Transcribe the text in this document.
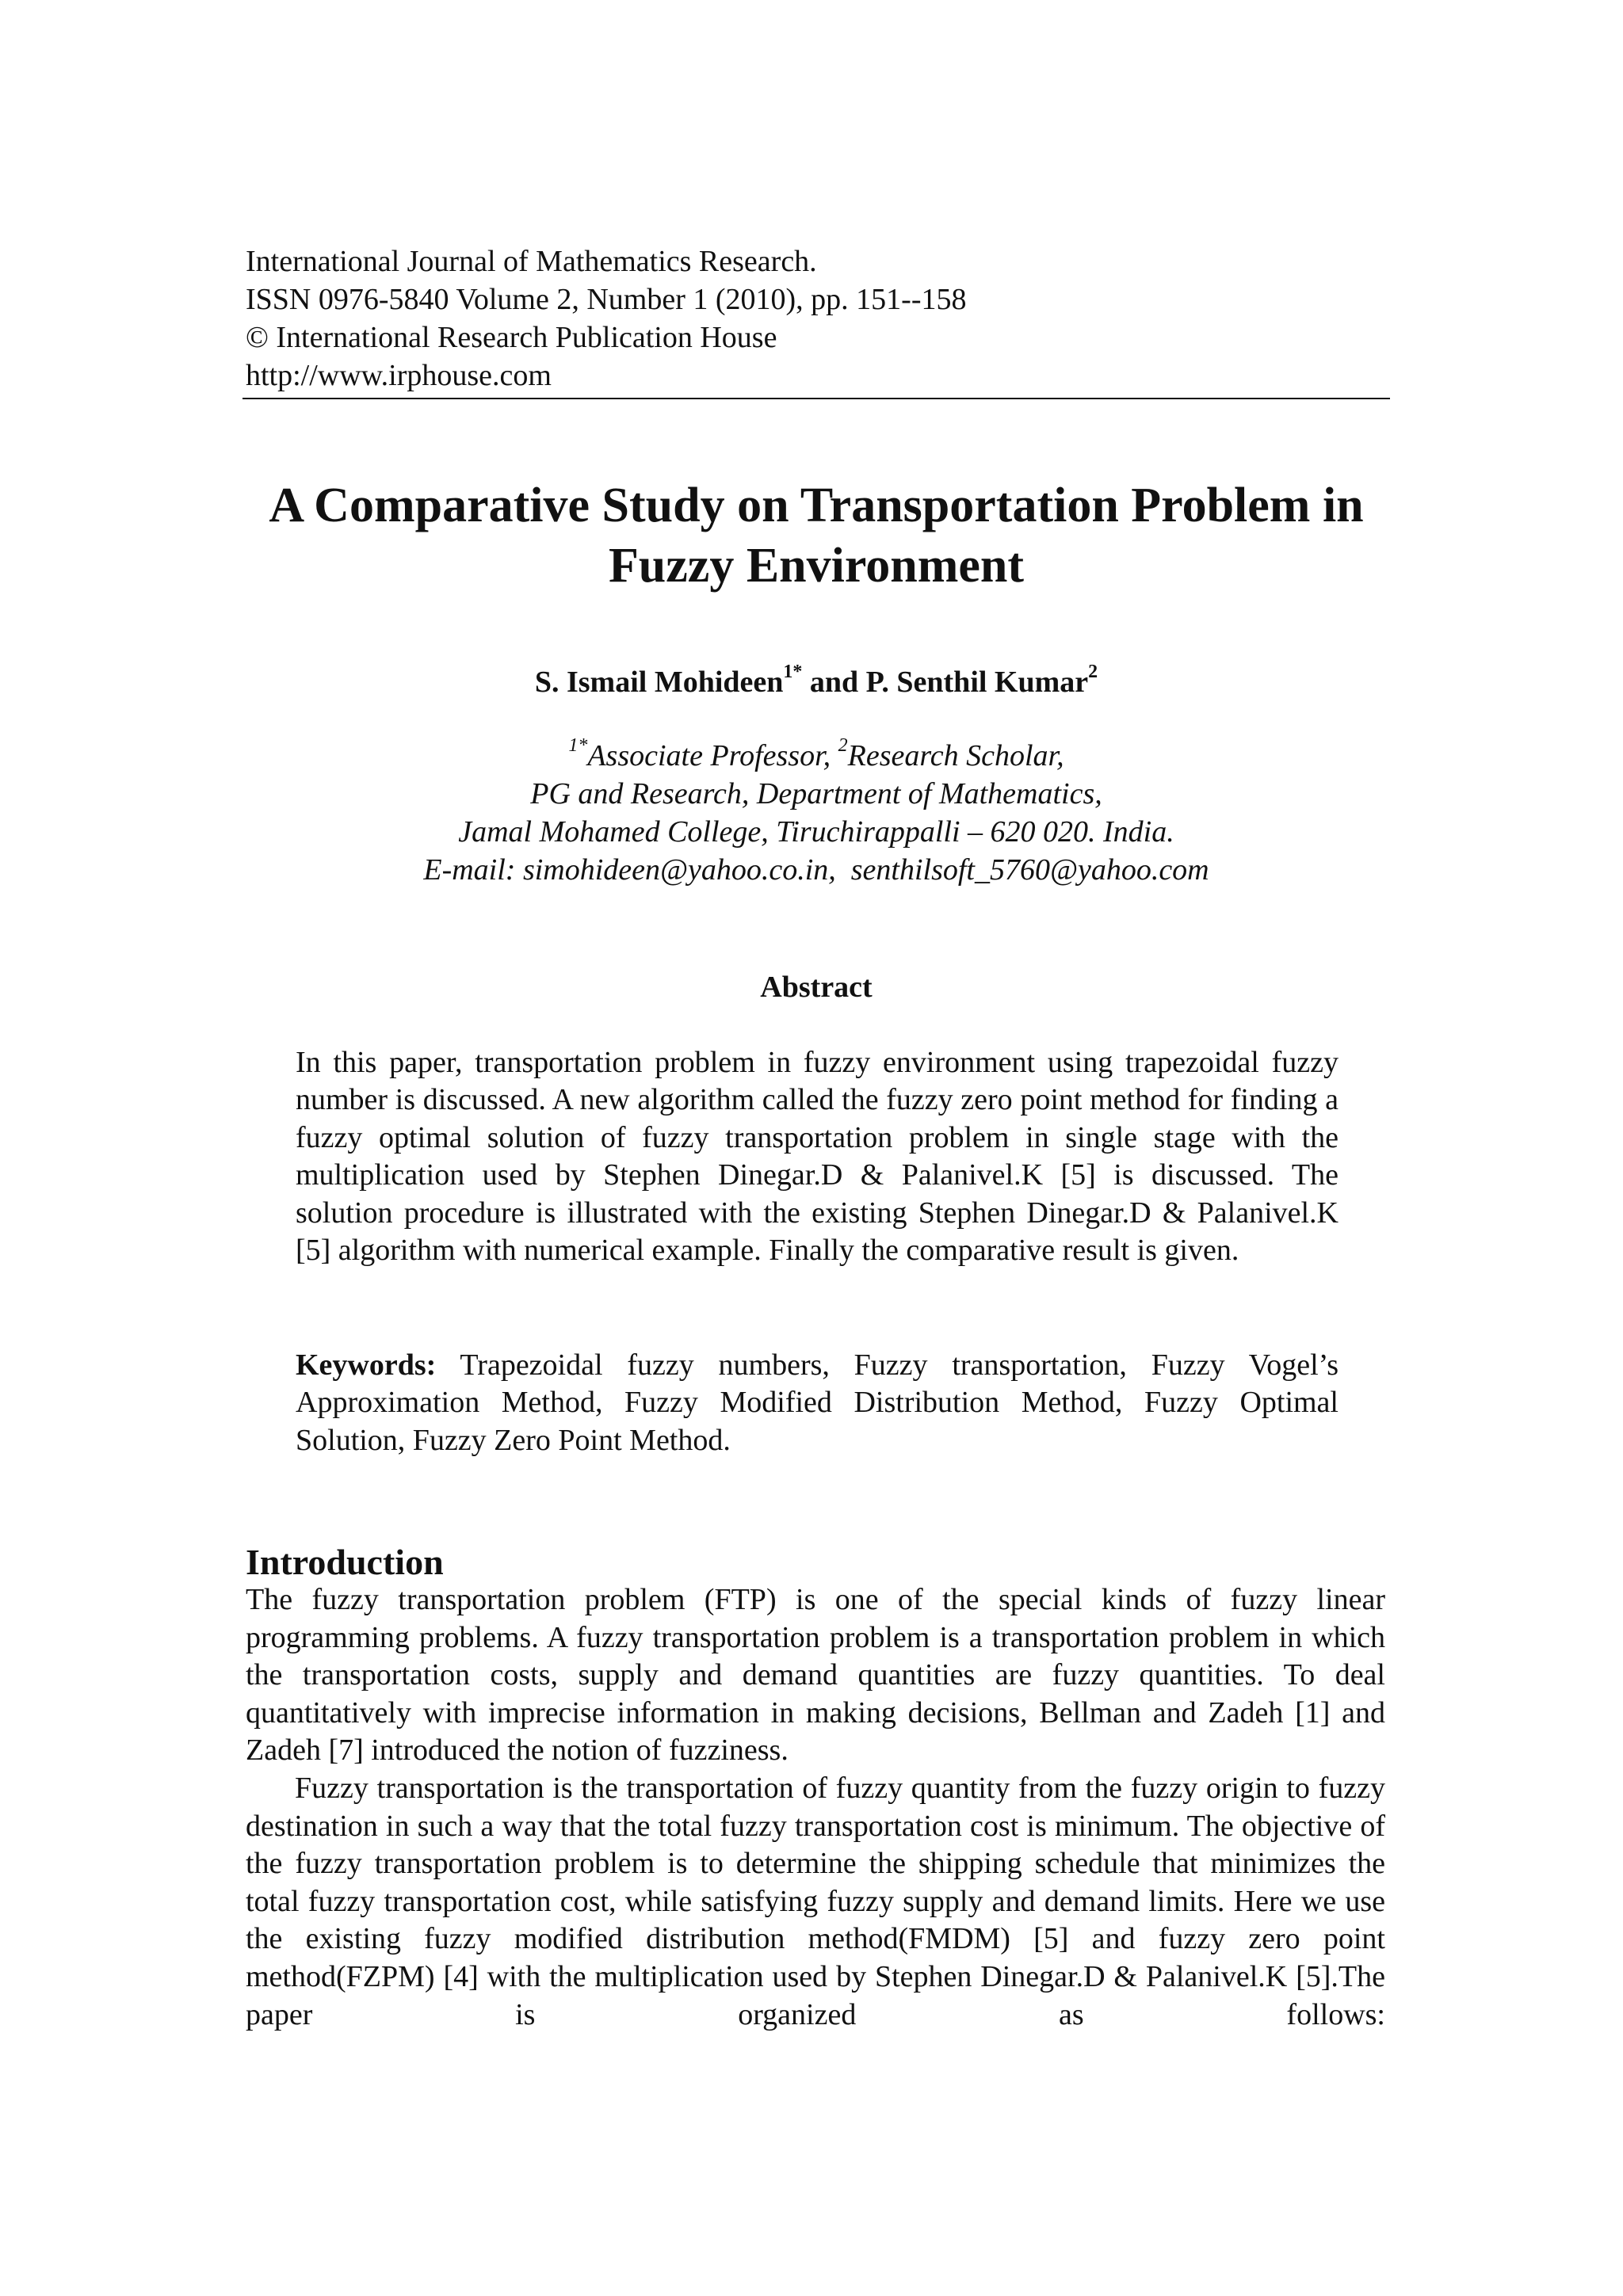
International Journal of Mathematics Research.
ISSN 0976-5840 Volume 2, Number 1 (2010), pp. 151--158
© International Research Publication House
http://www.irphouse.com
A Comparative Study on Transportation Problem in
Fuzzy Environment
S. Ismail Mohideen$^{1*}$ and P. Senthil Kumar$^2$
$^{1*}$Associate Professor, $^2$Research Scholar,
PG and Research, Department of Mathematics,
Jamal Mohamed College, Tiruchirappalli – 620 020. India.
E-mail: simohideen@yahoo.co.in,  senthilsoft_5760@yahoo.com
Abstract
In this paper, transportation problem in fuzzy environment using trapezoidal fuzzy number is discussed. A new algorithm called the fuzzy zero point method for finding a fuzzy optimal solution of fuzzy transportation problem in single stage with the multiplication used by Stephen Dinegar.D & Palanivel.K [5] is discussed. The solution procedure is illustrated with the existing Stephen Dinegar.D & Palanivel.K [5] algorithm with numerical example. Finally the comparative result is given.
Keywords: Trapezoidal fuzzy numbers, Fuzzy transportation, Fuzzy Vogel’s Approximation Method, Fuzzy Modified Distribution Method, Fuzzy Optimal Solution, Fuzzy Zero Point Method.
Introduction

The fuzzy transportation problem (FTP) is one of the special kinds of fuzzy linear programming problems. A fuzzy transportation problem is a transportation problem in which the transportation costs, supply and demand quantities are fuzzy quantities. To deal quantitatively with imprecise information in making decisions, Bellman and Zadeh [1] and Zadeh [7] introduced the notion of fuzziness.

Fuzzy transportation is the transportation of fuzzy quantity from the fuzzy origin to fuzzy destination in such a way that the total fuzzy transportation cost is minimum. The objective of the fuzzy transportation problem is to determine the shipping schedule that minimizes the total fuzzy transportation cost, while satisfying fuzzy supply and demand limits. Here we use the existing fuzzy modified distribution method(FMDM) [5] and fuzzy zero point method(FZPM) [4] with the multiplication used by Stephen Dinegar.D & Palanivel.K [5].The paper is organized as follows:
